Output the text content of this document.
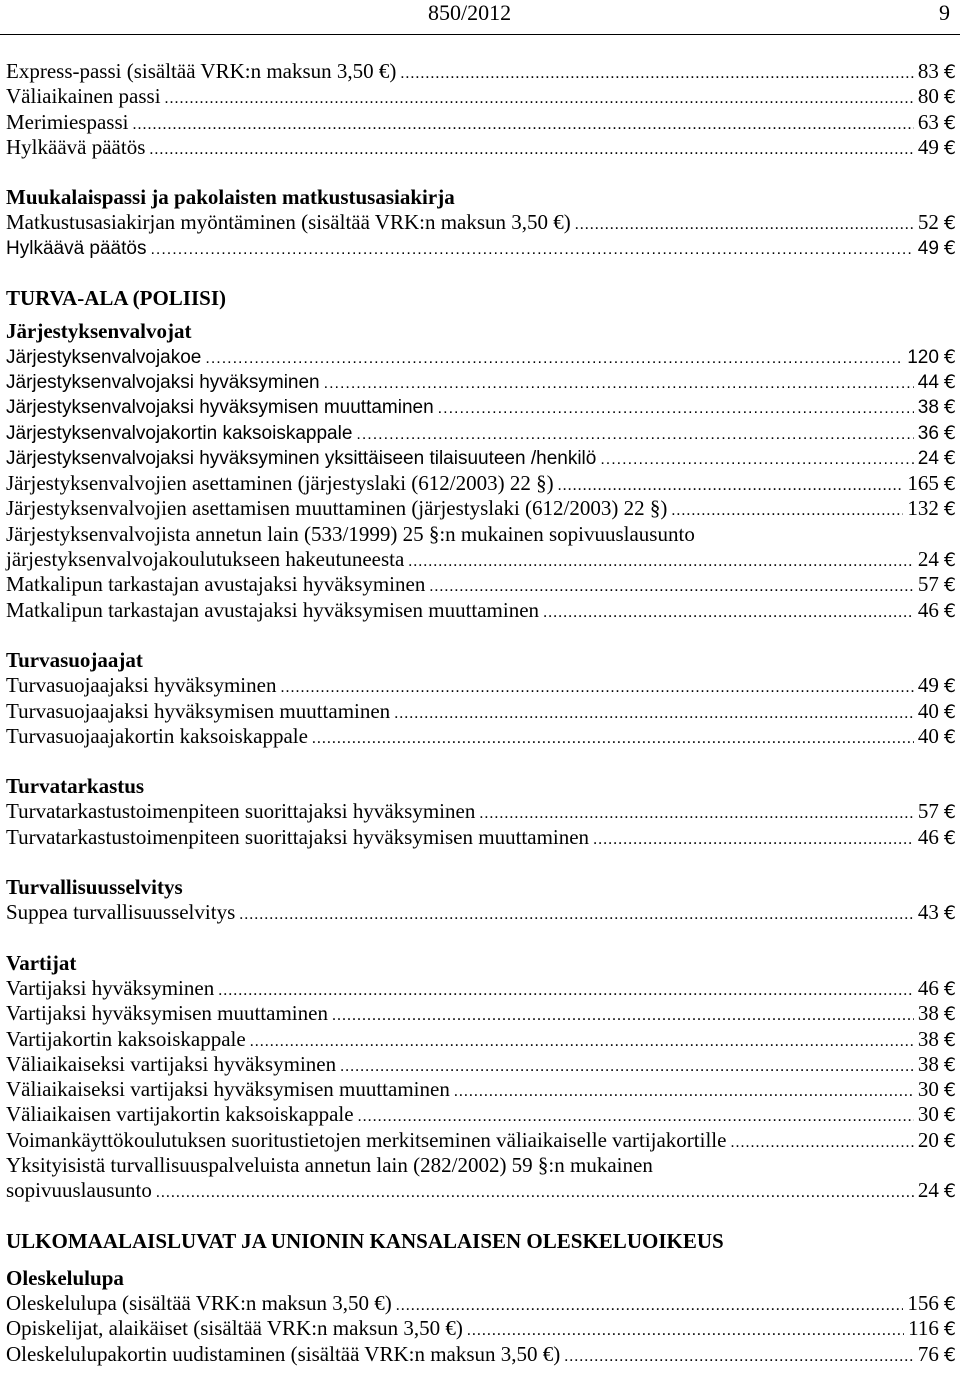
850/2012	9
Express-passi (sisältää VRK:n maksun 3,50 €) .....	83 €
Väliaikainen passi .....	80 €
Merimiespassi .....	63 €
Hylkäävä päätös .....	49 €
Muukalaispassi ja pakolaisten matkustusasiakirja
Matkustusasiakirjan myöntäminen (sisältää VRK:n maksun 3,50 €) .....	52 €
Hylkäävä päätös .....	49 €
TURVA-ALA (POLIISI)
Järjestyksenvalvojat
Järjestyksenvalvojakoe .....	120 €
Järjestyksenvalvojaksi hyväksyminen .....	44 €
Järjestyksenvalvojaksi hyväksymisen muuttaminen .....	38 €
Järjestyksenvalvojakortin kaksoiskappale .....	36 €
Järjestyksenvalvojaksi hyväksyminen yksittäiseen tilaisuuteen /henkilö .....	24 €
Järjestyksenvalvojien asettaminen (järjestyslaki (612/2003) 22 §) .....	165 €
Järjestyksenvalvojien asettamisen muuttaminen (järjestyslaki (612/2003) 22 §) .....	132 €
Järjestyksenvalvojista annetun lain (533/1999) 25 §:n mukainen sopivuuslausunto
järjestyksenvalvojakoulutukseen hakeutuneesta .....	24 €
Matkalipun tarkastajan avustajaksi hyväksyminen .....	57 €
Matkalipun tarkastajan avustajaksi hyväksymisen muuttaminen .....	46 €
Turvasuojaajat
Turvasuojaajaksi hyväksyminen .....	49 €
Turvasuojaajaksi hyväksymisen muuttaminen .....	40 €
Turvasuojaajakortin kaksoiskappale .....	40 €
Turvatarkastus
Turvatarkastustoimenpiteen suorittajaksi hyväksyminen .....	57 €
Turvatarkastustoimenpiteen suorittajaksi hyväksymisen muuttaminen .....	46 €
Turvallisuusselvitys
Suppea turvallisuusselvitys .....	43 €
Vartijat
Vartijaksi hyväksyminen .....	46 €
Vartijaksi hyväksymisen muuttaminen .....	38 €
Vartijakortin kaksoiskappale .....	38 €
Väliaikaiseksi vartijaksi hyväksyminen .....	38 €
Väliaikaiseksi vartijaksi hyväksymisen muuttaminen .....	30 €
Väliaikaisen vartijakortin kaksoiskappale .....	30 €
Voimankäyttökoulutuksen suoritustietojen merkitseminen väliaikaiselle vartijakortille .....	20 €
Yksityisistä turvallisuuspalveluista annetun lain (282/2002) 59 §:n mukainen
sopivuuslausunto .....	24 €
ULKOMAALAISLUVAT JA UNIONIN KANSALAISEN OLESKELUOIKEUS
Oleskelulupa
Oleskelulupa (sisältää VRK:n maksun 3,50 €) .....	156 €
Opiskelijat, alaikäiset (sisältää VRK:n maksun 3,50 €) .....	116 €
Oleskelulupakortin uudistaminen (sisältää VRK:n maksun 3,50 €) .....	76 €
